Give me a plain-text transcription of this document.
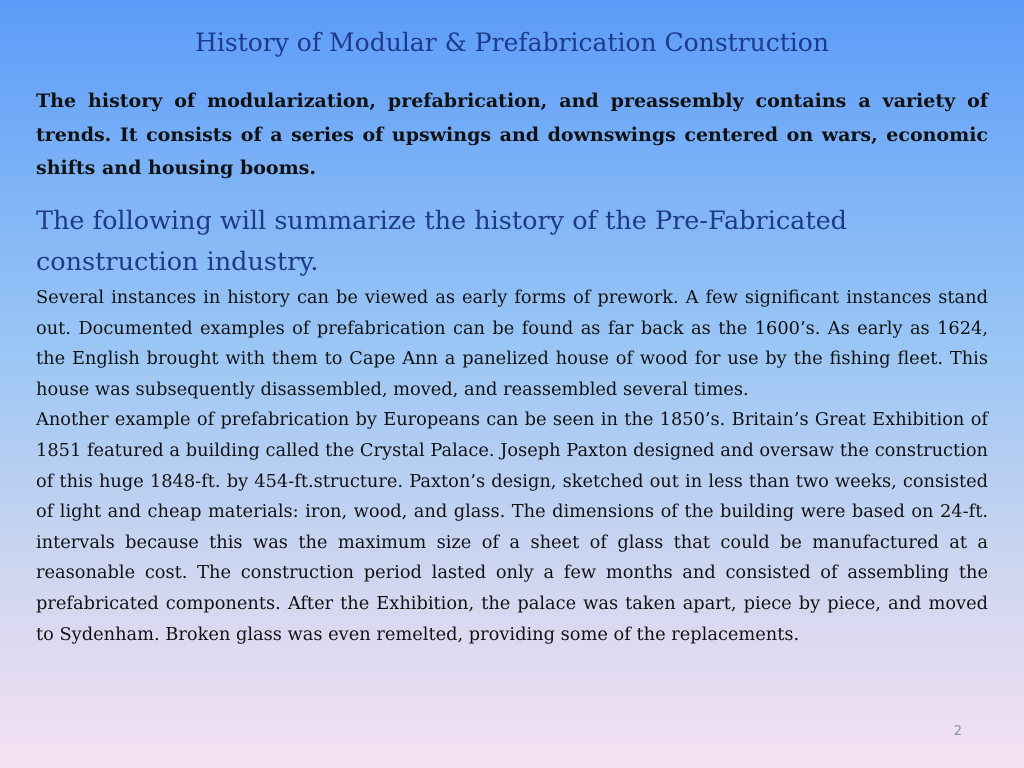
History of Modular & Prefabrication Construction

The history of modularization, prefabrication, and preassembly contains a variety of trends. It consists of a series of upswings and downswings centered on wars, economic shifts and housing booms.

The following will summarize the history of the Pre-Fabricated construction industry.

Several instances in history can be viewed as early forms of prework. A few significant instances stand out. Documented examples of prefabrication can be found as far back as the 1600’s. As early as 1624, the English brought with them to Cape Ann a panelized house of wood for use by the fishing fleet. This house was subsequently disassembled, moved, and reassembled several times.

Another example of prefabrication by Europeans can be seen in the 1850’s. Britain’s Great Exhibition of 1851 featured a building called the Crystal Palace. Joseph Paxton designed and oversaw the construction of this huge 1848-ft. by 454-ft.structure. Paxton’s design, sketched out in less than two weeks, consisted of light and cheap materials: iron, wood, and glass. The dimensions of the building were based on 24-ft. intervals because this was the maximum size of a sheet of glass that could be manufactured at a reasonable cost. The construction period lasted only a few months and consisted of assembling the prefabricated components. After the Exhibition, the palace was taken apart, piece by piece, and moved to Sydenham. Broken glass was even remelted, providing some of the replacements.

2
